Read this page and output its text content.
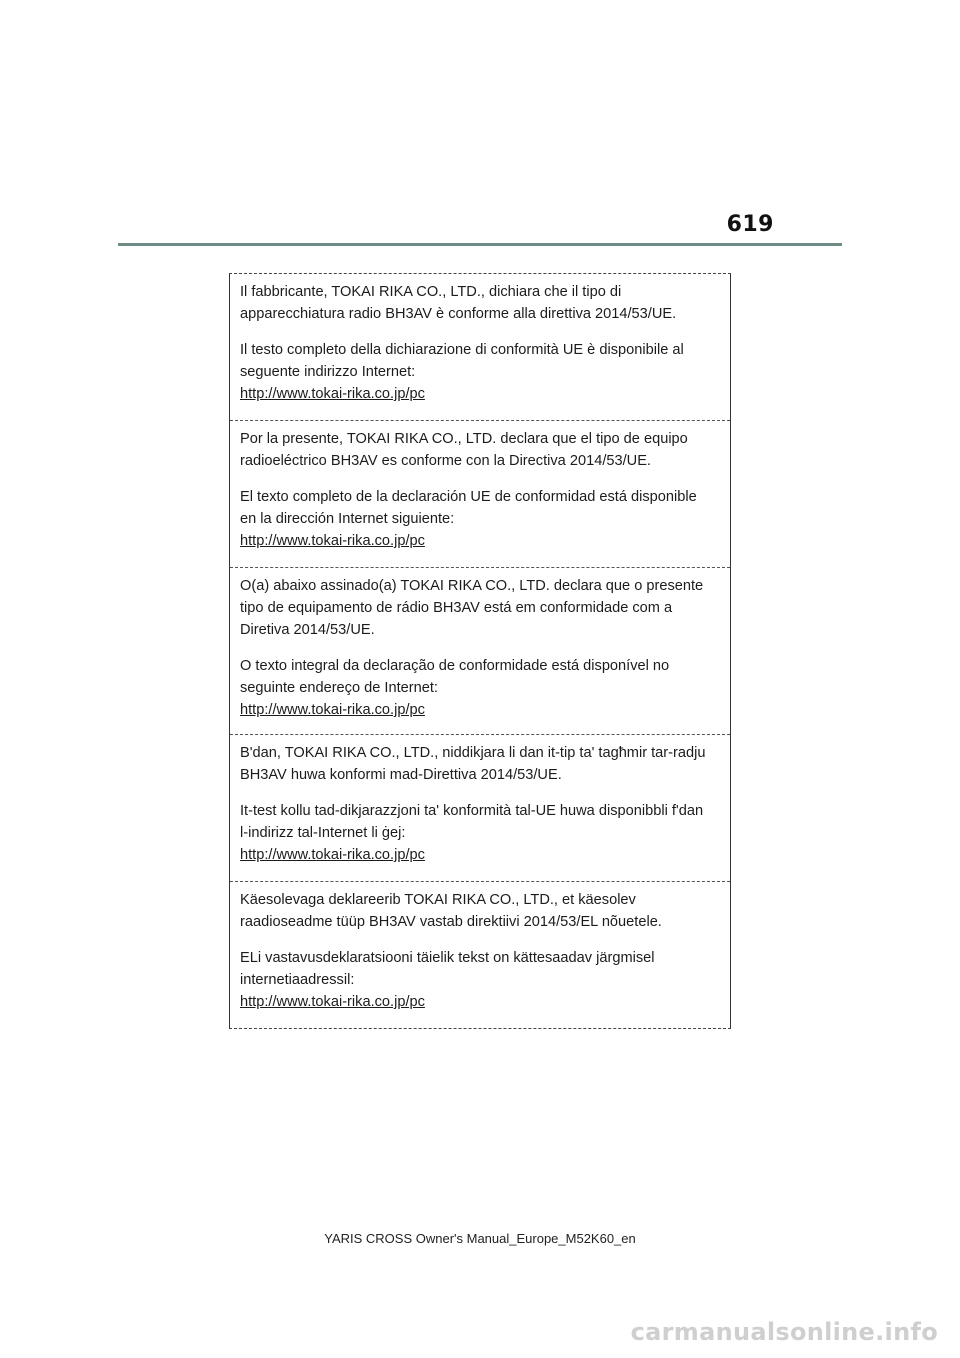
619

Il fabbricante, TOKAI RIKA CO., LTD., dichiara che il tipo di apparecchiatura radio BH3AV è conforme alla direttiva 2014/53/UE.

Il testo completo della dichiarazione di conformità UE è disponibile al seguente indirizzo Internet:

http://www.tokai-rika.co.jp/pc

Por la presente, TOKAI RIKA CO., LTD. declara que el tipo de equipo radioeléctrico BH3AV es conforme con la Directiva 2014/53/UE.

El texto completo de la declaración UE de conformidad está disponible en la dirección Internet siguiente:

http://www.tokai-rika.co.jp/pc

O(a) abaixo assinado(a) TOKAI RIKA CO., LTD. declara que o presente tipo de equipamento de rádio BH3AV está em conformidade com a Diretiva 2014/53/UE.

O texto integral da declaração de conformidade está disponível no seguinte endereço de Internet:

http://www.tokai-rika.co.jp/pc

B'dan, TOKAI RIKA CO., LTD., niddikjara li dan it-tip ta' tagħmir tar-radju BH3AV huwa konformi mad-Direttiva 2014/53/UE.

It-test kollu tad-dikjarazzjoni ta' konformità tal-UE huwa disponibbli f'dan l-indirizz tal-Internet li ġej:

http://www.tokai-rika.co.jp/pc

Käesolevaga deklareerib TOKAI RIKA CO., LTD., et käesolev raadioseadme tüüp BH3AV vastab direktiivi 2014/53/EL nõuetele.

ELi vastavusdeklaratsiooni täielik tekst on kättesaadav järgmisel internetiaadressil:

http://www.tokai-rika.co.jp/pc

YARIS CROSS Owner's Manual_Europe_M52K60_en
carmanualsonline.info
